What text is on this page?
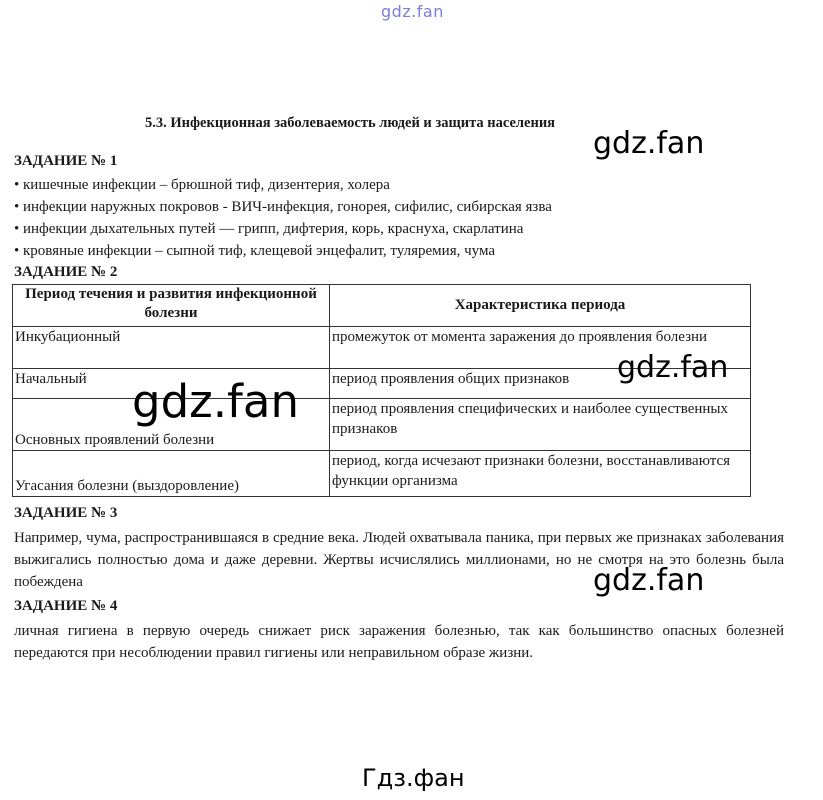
gdz.fan
5.3. Инфекционная заболеваемость людей и защита населения
ЗАДАНИЕ № 1
• кишечные инфекции – брюшной тиф, дизентерия, холера
• инфекции наружных покровов - ВИЧ-инфекция, гонорея, сифилис, сибирская язва
• инфекции дыхательных путей — грипп, дифтерия, корь, краснуха, скарлатина
• кровяные инфекции – сыпной тиф, клещевой энцефалит, туляремия, чума
ЗАДАНИЕ № 2
Период течения и развития инфекционной болезни	Характеристика периода
Инкубационный	промежуток от момента заражения до проявления болезни
Начальный	период проявления общих признаков
Основных проявлений болезни	период проявления специфических и наиболее существенных признаков
Угасания болезни (выздоровление)	период, когда исчезают признаки болезни, восстанавливаются функции организма
ЗАДАНИЕ № 3
Например, чума, распространившаяся в средние века. Людей охватывала паника, при первых же признаках заболевания выжигались полностью дома и даже деревни. Жертвы исчислялись миллионами, но не смотря на это болезнь была побеждена
ЗАДАНИЕ № 4
личная гигиена в первую очередь снижает риск заражения болезнью, так как большинство опасных болезней передаются при несоблюдении правил гигиены или неправильном образе жизни.
gdz.fan
gdz.fan
gdz.fan
gdz.fan
Гдз.фан
